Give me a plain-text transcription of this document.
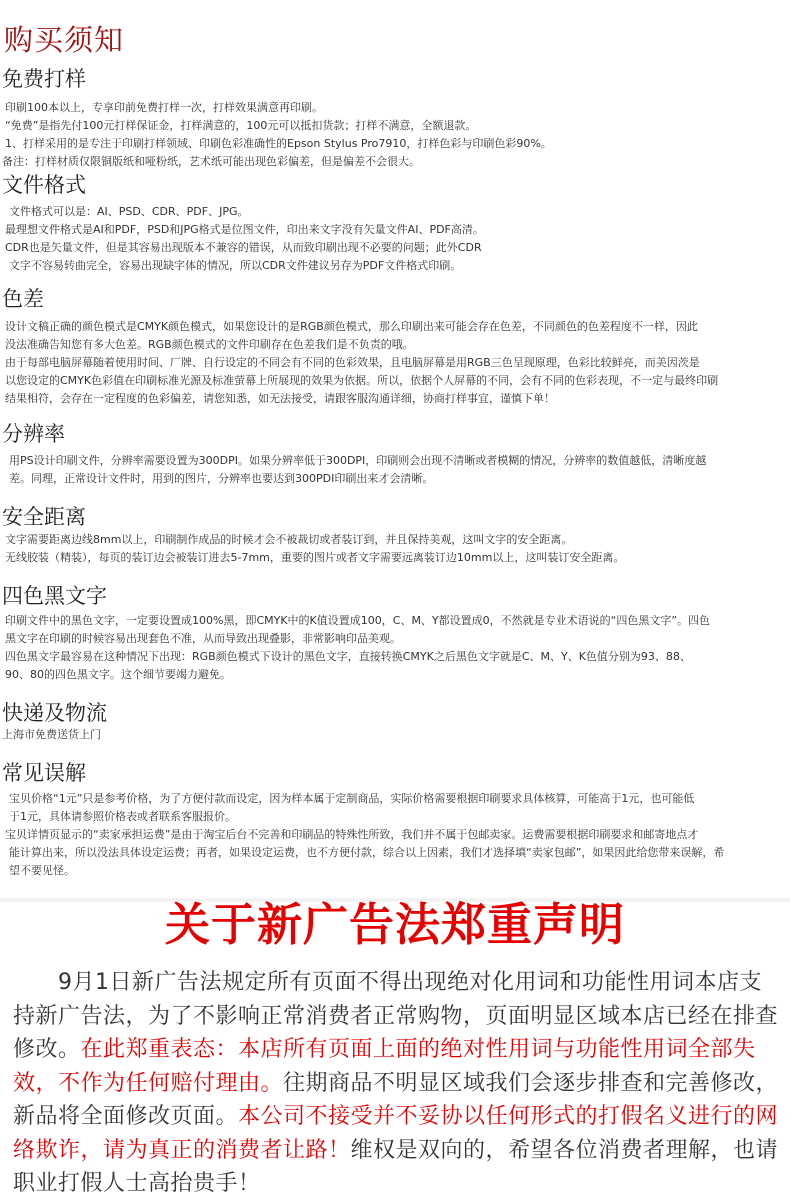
购买须知
免费打样
印刷100本以上，专享印前免费打样一次，打样效果满意再印刷。
“免费”是指先付100元打样保证金，打样满意的，100元可以抵扣货款；打样不满意，全额退款。
1、打样采用的是专注于印刷打样领域、印刷色彩准确性的Epson Stylus Pro7910，打样色彩与印刷色彩90%。
备注：打样材质仅限铜版纸和哑粉纸，艺术纸可能出现色彩偏差，但是偏差不会很大。
文件格式
文件格式可以是：AI、PSD、CDR、PDF、JPG。
最理想文件格式是AI和PDF，PSD和JPG格式是位图文件，印出来文字没有矢量文件AI、PDF高清。
CDR也是矢量文件，但是其容易出现版本不兼容的错误，从而致印刷出现不必要的问题；此外CDR
文字不容易转曲完全，容易出现缺字体的情况，所以CDR文件建议另存为PDF文件格式印刷。
色差
设计文稿正确的颜色模式是CMYK颜色模式，如果您设计的是RGB颜色模式，那么印刷出来可能会存在色差，不同颜色的色差程度不一样，因此
没法准确告知您有多大色差。RGB颜色模式的文件印刷存在色差我们是不负责的哦。
由于每部电脑屏幕随着使用时间、厂牌、自行设定的不同会有不同的色彩效果，且电脑屏幕是用RGB三色呈现原理，色彩比较鲜亮，而美因茨是
以您设定的CMYK色彩值在印刷标准光源及标准萤幕上所展现的效果为依据。所以，依据个人屏幕的不同，会有不同的色彩表现，不一定与最终印刷
结果相符，会存在一定程度的色彩偏差，请您知悉，如无法接受，请跟客服沟通详细，协商打样事宜，谨慎下单！
分辨率
用PS设计印刷文件，分辨率需要设置为300DPI。如果分辨率低于300DPI，印刷则会出现不清晰或者模糊的情况，分辨率的数值越低，清晰度越
差。同理，正常设计文件时，用到的图片，分辨率也要达到300PDI印刷出来才会清晰。
安全距离
文字需要距离边线8mm以上，印刷制作成品的时候才会不被裁切或者装订到，并且保持美观，这叫文字的安全距离。
无线胶装（精装），每页的装订边会被装订进去5-7mm，重要的图片或者文字需要远离装订边10mm以上，这叫装订安全距离。
四色黑文字
印刷文件中的黑色文字，一定要设置成100%黑，即CMYK中的K值设置成100，C、M、Y都设置成0，不然就是专业术语说的“四色黑文字”。四色
黑文字在印刷的时候容易出现套色不准，从而导致出现叠影，非常影响印品美观。
四色黑文字最容易在这种情况下出现：RGB颜色模式下设计的黑色文字，直接转换CMYK之后黑色文字就是C、M、Y、K色值分别为93、88、
90、80的四色黑文字。这个细节要竭力避免。
快递及物流
上海市免费送货上门
常见误解
宝贝价格“1元”只是参考价格，为了方便付款而设定，因为样本属于定制商品，实际价格需要根据印刷要求具体核算，可能高于1元，也可能低
于1元，具体请参照价格表或者联系客服报价。
宝贝详情页显示的“卖家承担运费”是由于淘宝后台不完善和印刷品的特殊性所致，我们并不属于包邮卖家。运费需要根据印刷要求和邮寄地点才
能计算出来，所以没法具体设定运费；再者，如果设定运费，也不方便付款，综合以上因素，我们才选择填“卖家包邮”，如果因此给您带来误解，希
望不要见怪。
关于新广告法郑重声明
　　9月1日新广告法规定所有页面不得出现绝对化用词和功能性用词本店支持新广告法，为了不影响正常消费者正常购物，页面明显区域本店已经在排查修改。在此郑重表态：本店所有页面上面的绝对性用词与功能性用词全部失效，不作为任何赔付理由。往期商品不明显区域我们会逐步排查和完善修改，新品将全面修改页面。本公司不接受并不妥协以任何形式的打假名义进行的网络欺诈，请为真正的消费者让路！维权是双向的，希望各位消费者理解，也请职业打假人士高抬贵手！
